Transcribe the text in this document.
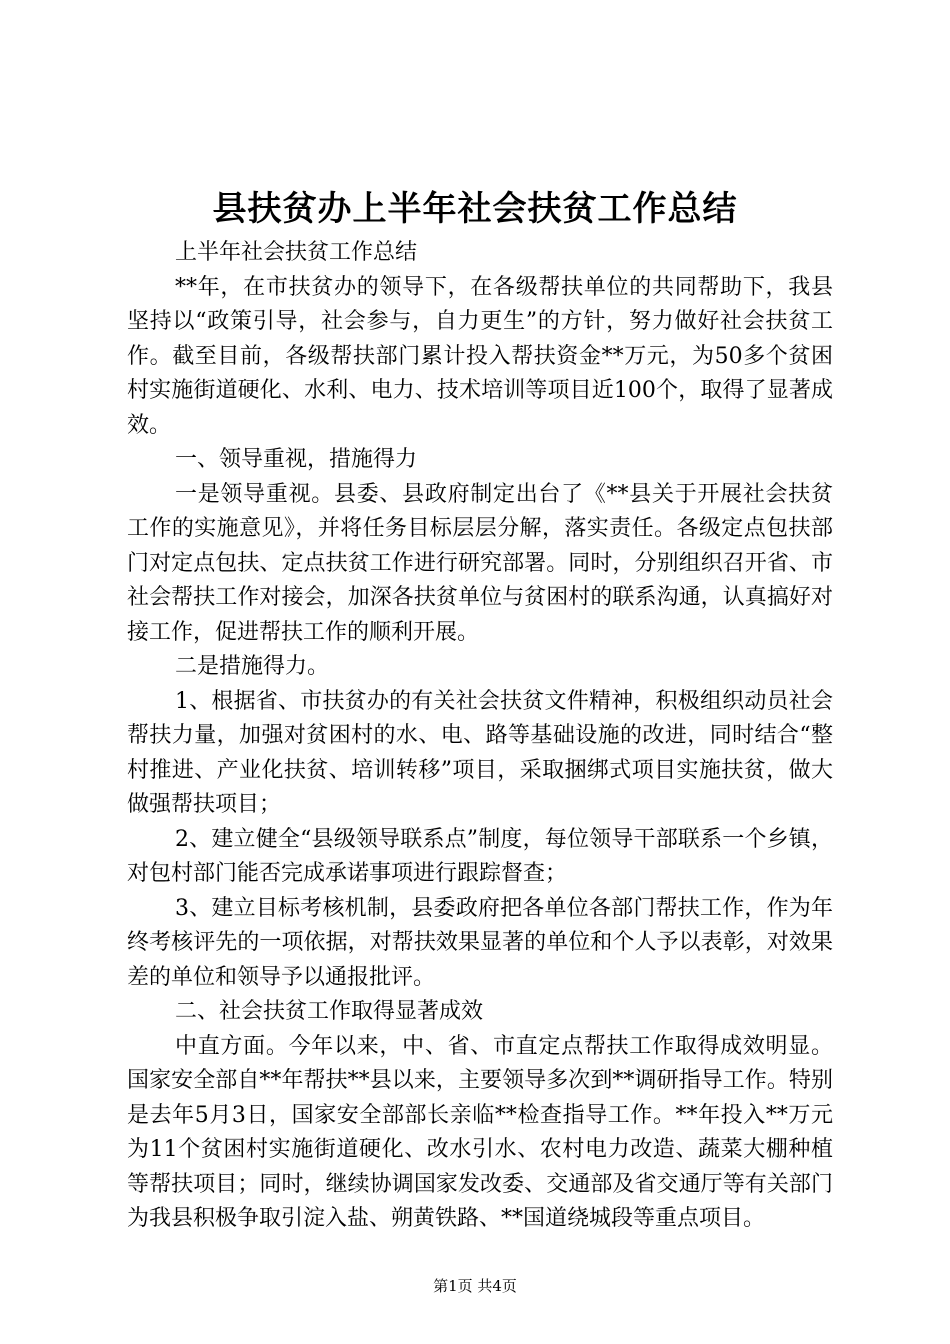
县扶贫办上半年社会扶贫工作总结

上半年社会扶贫工作总结

**年，在市扶贫办的领导下，在各级帮扶单位的共同帮助下，我县坚持以“政策引导，社会参与，自力更生”的方针，努力做好社会扶贫工作。截至目前，各级帮扶部门累计投入帮扶资金**万元，为50多个贫困村实施街道硬化、水利、电力、技术培训等项目近100个，取得了显著成效。

一、领导重视，措施得力

一是领导重视。县委、县政府制定出台了《**县关于开展社会扶贫工作的实施意见》，并将任务目标层层分解，落实责任。各级定点包扶部门对定点包扶、定点扶贫工作进行研究部署。同时，分别组织召开省、市社会帮扶工作对接会，加深各扶贫单位与贫困村的联系沟通，认真搞好对接工作，促进帮扶工作的顺利开展。

二是措施得力。

1、根据省、市扶贫办的有关社会扶贫文件精神，积极组织动员社会帮扶力量，加强对贫困村的水、电、路等基础设施的改进，同时结合“整村推进、产业化扶贫、培训转移”项目，采取捆绑式项目实施扶贫，做大做强帮扶项目；

2、建立健全“县级领导联系点”制度，每位领导干部联系一个乡镇，对包村部门能否完成承诺事项进行跟踪督查；

3、建立目标考核机制，县委政府把各单位各部门帮扶工作，作为年终考核评先的一项依据，对帮扶效果显著的单位和个人予以表彰，对效果差的单位和领导予以通报批评。

二、社会扶贫工作取得显著成效

中直方面。今年以来，中、省、市直定点帮扶工作取得成效明显。国家安全部自**年帮扶**县以来，主要领导多次到**调研指导工作。特别是去年5月3日，国家安全部部长亲临**检查指导工作。**年投入**万元为11个贫困村实施街道硬化、改水引水、农村电力改造、蔬菜大棚种植等帮扶项目；同时，继续协调国家发改委、交通部及省交通厅等有关部门为我县积极争取引淀入盐、朔黄铁路、**国道绕城段等重点项目。

第1页 共4页
